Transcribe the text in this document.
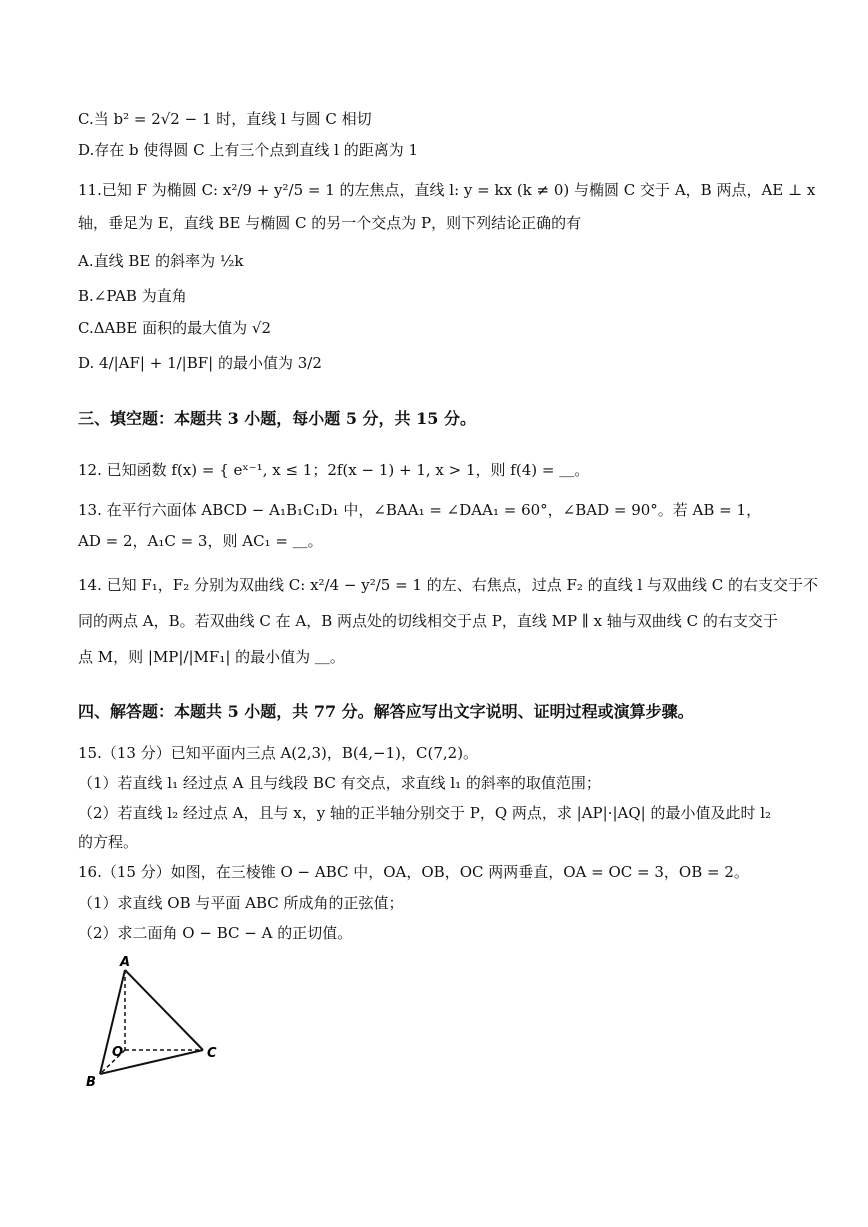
C.当 b² = 2√2 − 1 时，直线 l 与圆 C 相切
D.存在 b 使得圆 C 上有三个点到直线 l 的距离为 1
11.已知 F 为椭圆 C: x²/9 + y²/5 = 1 的左焦点，直线 l: y = kx (k ≠ 0) 与椭圆 C 交于 A，B 两点，AE ⊥ x
轴，垂足为 E，直线 BE 与椭圆 C 的另一个交点为 P，则下列结论正确的有
A.直线 BE 的斜率为 ½k
B.∠PAB 为直角
C.ΔABE 面积的最大值为 √2
D. 4/|AF| + 1/|BF| 的最小值为 3/2
三、填空题：本题共 3 小题，每小题 5 分，共 15 分。
12. 已知函数 f(x) = { eˣ⁻¹, x ≤ 1；2f(x − 1) + 1, x > 1，则 f(4) = ＿。
13. 在平行六面体 ABCD − A₁B₁C₁D₁ 中，∠BAA₁ = ∠DAA₁ = 60°，∠BAD = 90°。若 AB = 1，
AD = 2，A₁C = 3，则 AC₁ = ＿。
14. 已知 F₁，F₂ 分别为双曲线 C: x²/4 − y²/5 = 1 的左、右焦点，过点 F₂ 的直线 l 与双曲线 C 的右支交于不
同的两点 A，B。若双曲线 C 在 A，B 两点处的切线相交于点 P，直线 MP ∥ x 轴与双曲线 C 的右支交于
点 M，则 |MP|/|MF₁| 的最小值为 ＿。
四、解答题：本题共 5 小题，共 77 分。解答应写出文字说明、证明过程或演算步骤。
15.（13 分）已知平面内三点 A(2,3)，B(4,−1)，C(7,2)。
（1）若直线 l₁ 经过点 A 且与线段 BC 有交点，求直线 l₁ 的斜率的取值范围；
（2）若直线 l₂ 经过点 A，且与 x，y 轴的正半轴分别交于 P，Q 两点，求 |AP|·|AQ| 的最小值及此时 l₂
的方程。
16.（15 分）如图，在三棱锥 O − ABC 中，OA，OB，OC 两两垂直，OA = OC = 3，OB = 2。
（1）求直线 OB 与平面 ABC 所成角的正弦值；
（2）求二面角 O − BC − A 的正切值。
A
O
B
C
